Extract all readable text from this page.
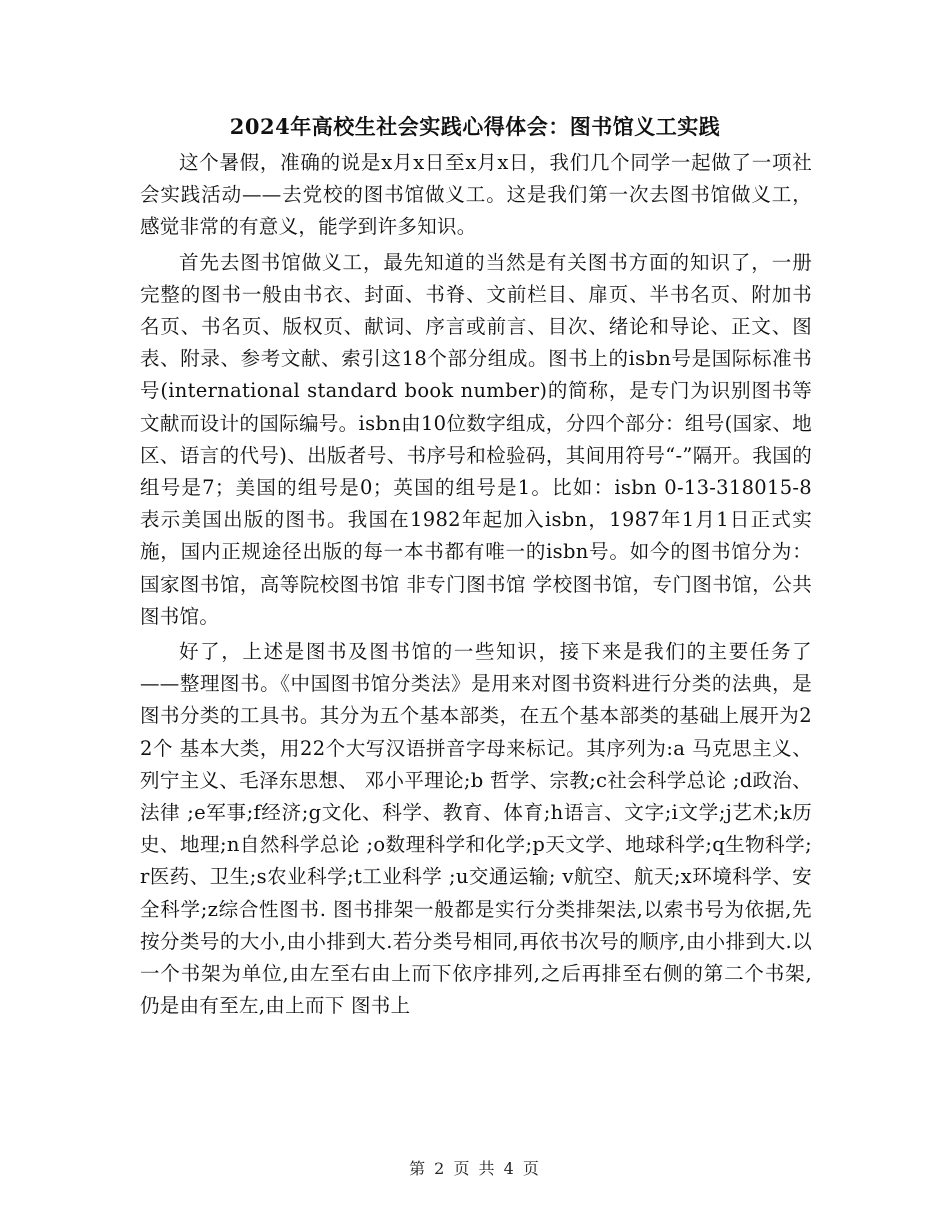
2024年高校生社会实践心得体会：图书馆义工实践

这个暑假，准确的说是x月x日至x月x日，我们几个同学一起做了一项社会实践活动——去党校的图书馆做义工。这是我们第一次去图书馆做义工，感觉非常的有意义，能学到许多知识。

首先去图书馆做义工，最先知道的当然是有关图书方面的知识了，一册完整的图书一般由书衣、封面、书脊、文前栏目、扉页、半书名页、附加书名页、书名页、版权页、献词、序言或前言、目次、绪论和导论、正文、图表、附录、参考文献、索引这18个部分组成。图书上的isbn号是国际标准书号(international standard book number)的简称，是专门为识别图书等文献而设计的国际编号。isbn由10位数字组成，分四个部分：组号(国家、地区、语言的代号)、出版者号、书序号和检验码，其间用符号“-”隔开。我国的组号是7；美国的组号是0；英国的组号是1。比如：isbn 0-13-318015-8 表示美国出版的图书。我国在1982年起加入isbn，1987年1月1日正式实施，国内正规途径出版的每一本书都有唯一的isbn号。如今的图书馆分为：国家图书馆，高等院校图书馆 非专门图书馆 学校图书馆，专门图书馆，公共图书馆。

好了，上述是图书及图书馆的一些知识，接下来是我们的主要任务了——整理图书。《中国图书馆分类法》是用来对图书资料进行分类的法典，是图书分类的工具书。其分为五个基本部类，在五个基本部类的基础上展开为22个 基本大类，用22个大写汉语拼音字母来标记。其序列为:a 马克思主义、列宁主义、毛泽东思想、 邓小平理论;b 哲学、宗教;c社会科学总论 ;d政治、法律 ;e军事;f经济;g文化、科学、教育、体育;h语言、文字;i文学;j艺术;k历史、地理;n自然科学总论 ;o数理科学和化学;p天文学、地球科学;q生物科学;r医药、卫生;s农业科学;t工业科学 ;u交通运输; v航空、航天;x环境科学、安全科学;z综合性图书. 图书排架一般都是实行分类排架法,以索书号为依据,先按分类号的大小,由小排到大.若分类号相同,再依书次号的顺序,由小排到大.以一个书架为单位,由左至右由上而下依序排列,之后再排至右侧的第二个书架,仍是由有至左,由上而下 图书上

第 2 页 共 4 页
